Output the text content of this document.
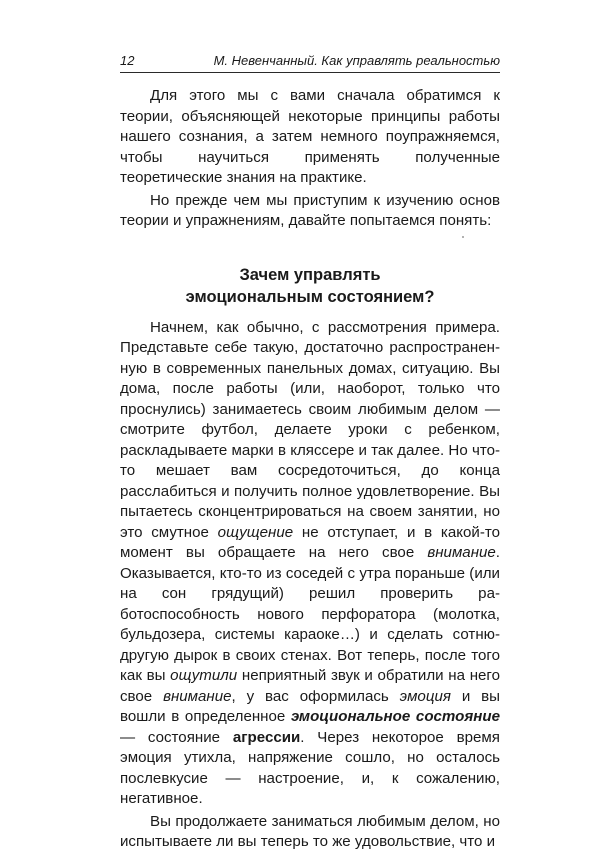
12	М. Невенчанный. Как управлять реальностью

Для этого мы с вами сначала обратимся к теории, объясняющей некоторые принципы работы нашего сознания, а затем немного поупражняемся, чтобы научиться применять полученные теоретические знания на практике.

Но прежде чем мы приступим к изучению основ теории и упражнениям, давайте попытаемся понять:

Зачем управлять
эмоциональным состоянием?

Начнем, как обычно, с рассмотрения примера. Представьте себе такую, достаточно распространенную в современных панельных домах, ситуацию. Вы дома, после работы (или, наоборот, только что проснулись) занимаетесь своим любимым делом — смотрите футбол, делаете уроки с ребенком, раскладываете марки в кляссере и так далее. Но что-то мешает вам сосредоточиться, до конца расслабиться и получить полное удовлетворение. Вы пытаетесь сконцентрироваться на своем занятии, но это смутное ощущение не отступает, и в какой-то момент вы обращаете на него свое внимание. Оказывается, кто-то из соседей с утра пораньше (или на сон грядущий) решил проверить работоспособность нового перфоратора (молотка, бульдозера, системы караоке…) и сделать сотню-другую дырок в своих стенах. Вот теперь, после того как вы ощутили неприятный звук и обратили на него свое внимание, у вас оформилась эмоция и вы вошли в определенное эмоциональное состояние — состояние агрессии. Через некоторое время эмоция утихла, напряжение сошло, но осталось послевкусие — настроение, и, к сожалению, негативное.

Вы продолжаете заниматься любимым делом, но испытываете ли вы теперь то же удовольствие, что и
